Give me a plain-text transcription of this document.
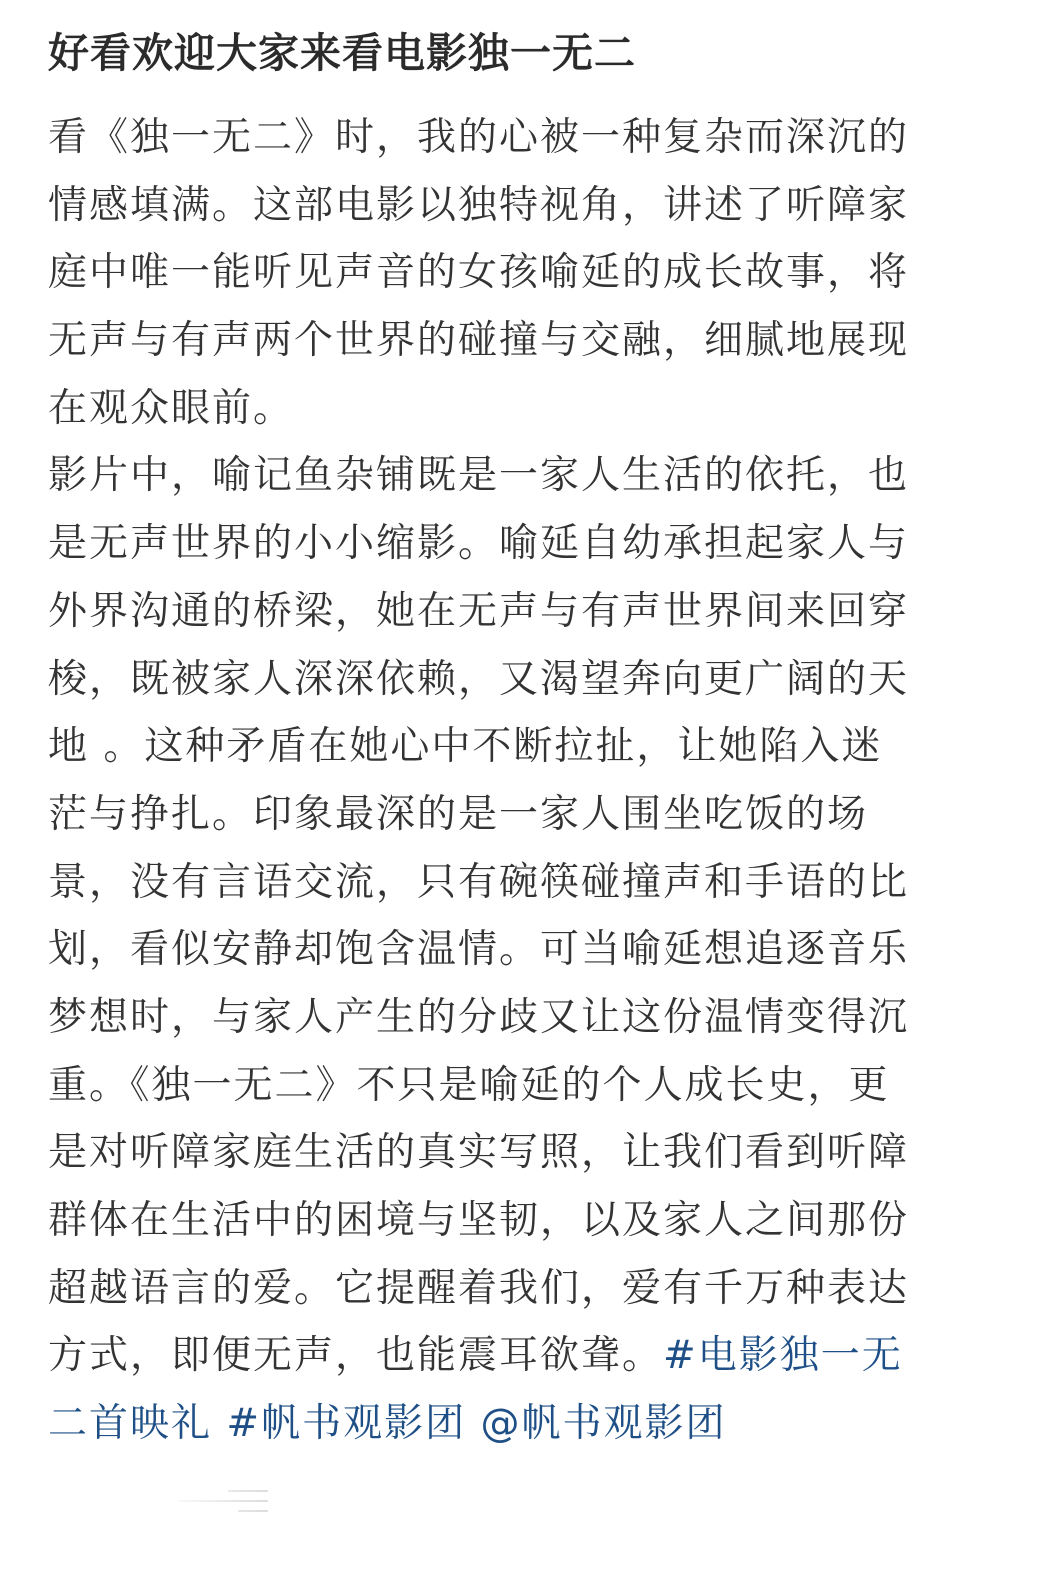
好看欢迎大家来看电影独一无二
看《独一无二》时，我的心被一种复杂而深沉的
情感填满。这部电影以独特视角，讲述了听障家
庭中唯一能听见声音的女孩喻延的成长故事，将
无声与有声两个世界的碰撞与交融，细腻地展现
在观众眼前。
影片中，喻记鱼杂铺既是一家人生活的依托，也
是无声世界的小小缩影。喻延自幼承担起家人与
外界沟通的桥梁，她在无声与有声世界间来回穿
梭，既被家人深深依赖，又渴望奔向更广阔的天
地 。这种矛盾在她心中不断拉扯，让她陷入迷
茫与挣扎。印象最深的是一家人围坐吃饭的场
景，没有言语交流，只有碗筷碰撞声和手语的比
划，看似安静却饱含温情。可当喻延想追逐音乐
梦想时，与家人产生的分歧又让这份温情变得沉
重。《独一无二》不只是喻延的个人成长史，更
是对听障家庭生活的真实写照，让我们看到听障
群体在生活中的困境与坚韧，以及家人之间那份
超越语言的爱。它提醒着我们，爱有千万种表达
方式，即便无声，也能震耳欲聋。#电影独一无
二首映礼 #帆书观影团 @帆书观影团
